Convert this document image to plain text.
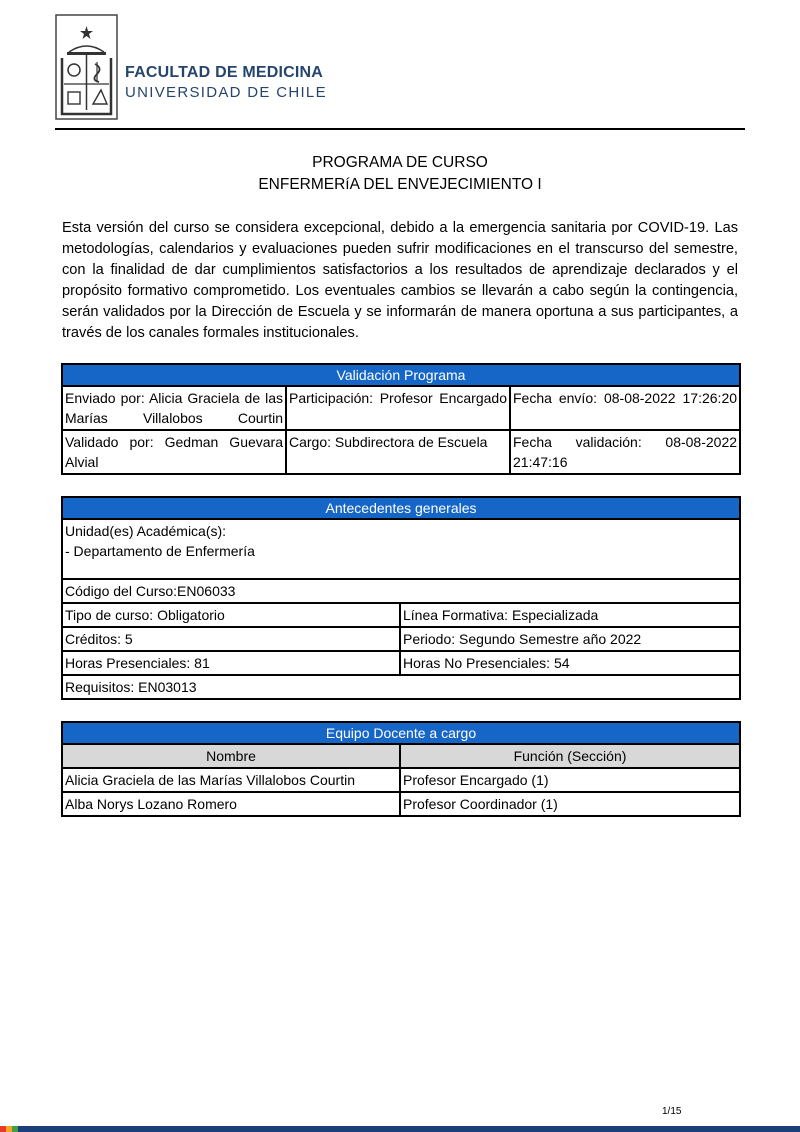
FACULTAD DE MEDICINA
UNIVERSIDAD DE CHILE
PROGRAMA DE CURSO
ENFERMERíA DEL ENVEJECIMIENTO I
Esta versión del curso se considera excepcional, debido a la emergencia sanitaria por COVID-19. Las metodologías, calendarios y evaluaciones pueden sufrir modificaciones en el transcurso del semestre, con la finalidad de dar cumplimientos satisfactorios a los resultados de aprendizaje declarados y el propósito formativo comprometido. Los eventuales cambios se llevarán a cabo según la contingencia, serán validados por la Dirección de Escuela y se informarán de manera oportuna a sus participantes, a través de los canales formales institucionales.
Validación Programa		
Enviado por: Alicia Graciela de las Marías Villalobos Courtin	Participación: Profesor Encargado	Fecha envío: 08-08-2022 17:26:20
Validado por: Gedman Guevara Alvial	Cargo: Subdirectora de Escuela	Fecha validación: 08-08-2022 21:47:16
Antecedentes generales	

Unidad(es) Académica(s):
- Departamento de Enfermería	

Código del Curso:EN06033	
Tipo de curso: Obligatorio	Línea Formativa: Especializada
Créditos: 5	Periodo: Segundo Semestre año 2022
Horas Presenciales: 81	Horas No Presenciales: 54
Requisitos: EN03013	
Equipo Docente a cargo	
Nombre	Función (Sección)
Alicia Graciela de las Marías Villalobos Courtin	Profesor Encargado (1)
Alba Norys Lozano Romero	Profesor Coordinador (1)
1/15
